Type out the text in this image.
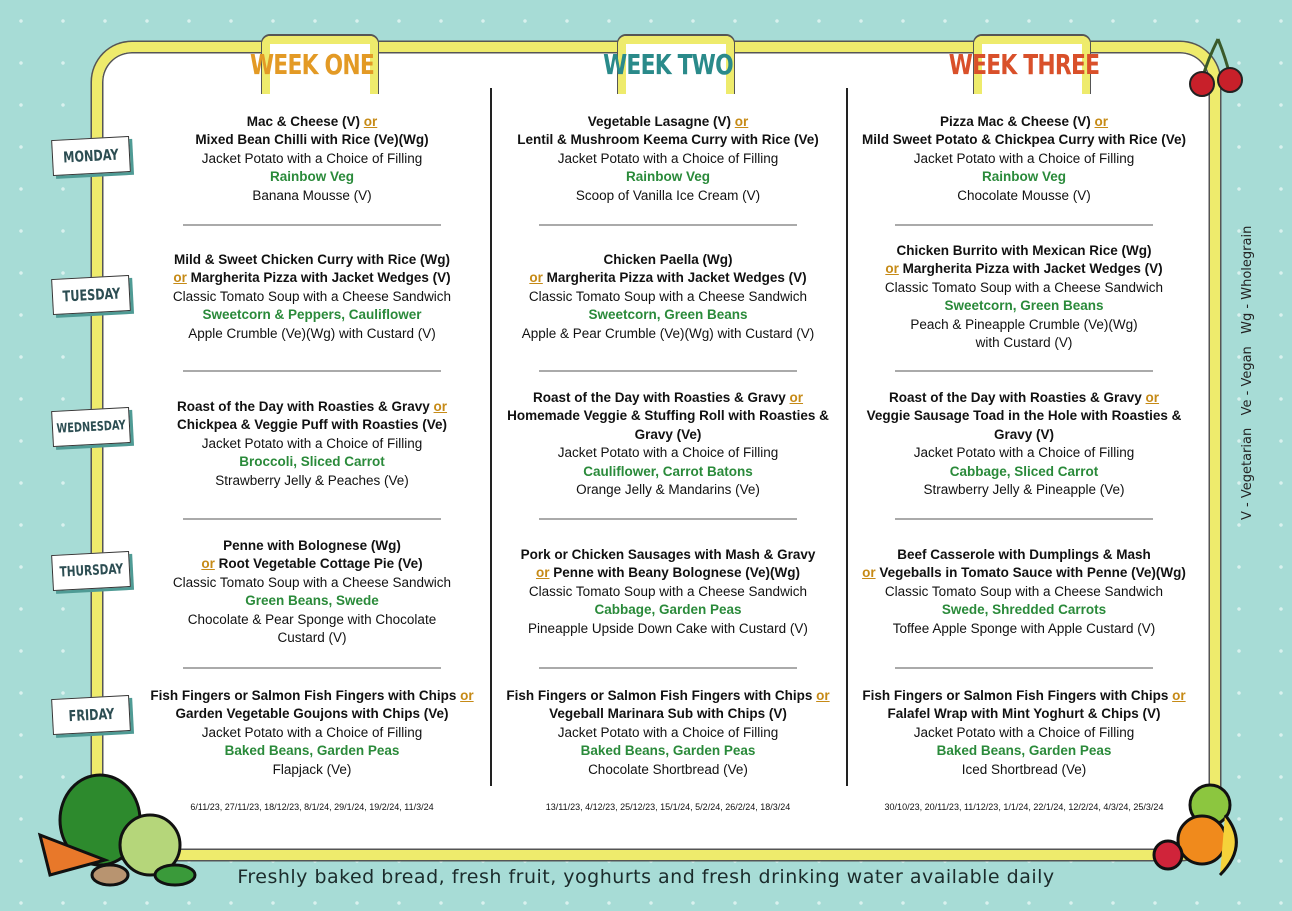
WEEK ONE
Mac & Cheese (V) or
Mixed Bean Chilli with Rice (Ve)(Wg)
Jacket Potato with a Choice of Filling
Rainbow Veg
Banana Mousse (V)
Mild & Sweet Chicken Curry with Rice (Wg)
or Margherita Pizza with Jacket Wedges (V)
Classic Tomato Soup with a Cheese Sandwich
Sweetcorn & Peppers, Cauliflower
Apple Crumble (Ve)(Wg) with Custard (V)
Roast of the Day with Roasties & Gravy or
Chickpea & Veggie Puff with Roasties (Ve)
Jacket Potato with a Choice of Filling
Broccoli, Sliced Carrot
Strawberry Jelly & Peaches (Ve)
Penne with Bolognese (Wg)
or Root Vegetable Cottage Pie (Ve)
Classic Tomato Soup with a Cheese Sandwich
Green Beans, Swede
Chocolate & Pear Sponge with Chocolate
Custard (V)
Fish Fingers or Salmon Fish Fingers with Chips or
Garden Vegetable Goujons with Chips (Ve)
Jacket Potato with a Choice of Filling
Baked Beans, Garden Peas
Flapjack (Ve)
6/11/23, 27/11/23, 18/12/23, 8/1/24, 29/1/24, 19/2/24, 11/3/24
WEEK TWO
Vegetable Lasagne (V) or
Lentil & Mushroom Keema Curry with Rice (Ve)
Jacket Potato with a Choice of Filling
Rainbow Veg
Scoop of Vanilla Ice Cream (V)
Chicken Paella (Wg)
or Margherita Pizza with Jacket Wedges (V)
Classic Tomato Soup with a Cheese Sandwich
Sweetcorn, Green Beans
Apple & Pear Crumble (Ve)(Wg) with Custard (V)
Roast of the Day with Roasties & Gravy or
Homemade Veggie & Stuffing Roll with Roasties &
Gravy (Ve)
Jacket Potato with a Choice of Filling
Cauliflower, Carrot Batons
Orange Jelly & Mandarins (Ve)
Pork or Chicken Sausages with Mash & Gravy
or Penne with Beany Bolognese (Ve)(Wg)
Classic Tomato Soup with a Cheese Sandwich
Cabbage, Garden Peas
Pineapple Upside Down Cake with Custard (V)
Fish Fingers or Salmon Fish Fingers with Chips or
Vegeball Marinara Sub with Chips (V)
Jacket Potato with a Choice of Filling
Baked Beans, Garden Peas
Chocolate Shortbread (Ve)
13/11/23, 4/12/23, 25/12/23, 15/1/24, 5/2/24, 26/2/24, 18/3/24
WEEK THREE
Pizza Mac & Cheese (V) or
Mild Sweet Potato & Chickpea Curry with Rice (Ve)
Jacket Potato with a Choice of Filling
Rainbow Veg
Chocolate Mousse (V)
Chicken Burrito with Mexican Rice (Wg)
or Margherita Pizza with Jacket Wedges (V)
Classic Tomato Soup with a Cheese Sandwich
Sweetcorn, Green Beans
Peach & Pineapple Crumble (Ve)(Wg)
with Custard (V)
Roast of the Day with Roasties & Gravy or
Veggie Sausage Toad in the Hole with Roasties &
Gravy (V)
Jacket Potato with a Choice of Filling
Cabbage, Sliced Carrot
Strawberry Jelly & Pineapple (Ve)
Beef Casserole with Dumplings & Mash
or Vegeballs in Tomato Sauce with Penne (Ve)(Wg)
Classic Tomato Soup with a Cheese Sandwich
Swede, Shredded Carrots
Toffee Apple Sponge with Apple Custard (V)
Fish Fingers or Salmon Fish Fingers with Chips or
Falafel Wrap with Mint Yoghurt & Chips (V)
Jacket Potato with a Choice of Filling
Baked Beans, Garden Peas
Iced Shortbread (Ve)
30/10/23, 20/11/23, 11/12/23, 1/1/24, 22/1/24, 12/2/24, 4/3/24, 25/3/24
MONDAY
TUESDAY
WEDNESDAY
THURSDAY
FRIDAY
V - Vegetarian   Ve - Vegan   Wg - Wholegrain
Freshly baked bread, fresh fruit, yoghurts and fresh drinking water available daily
